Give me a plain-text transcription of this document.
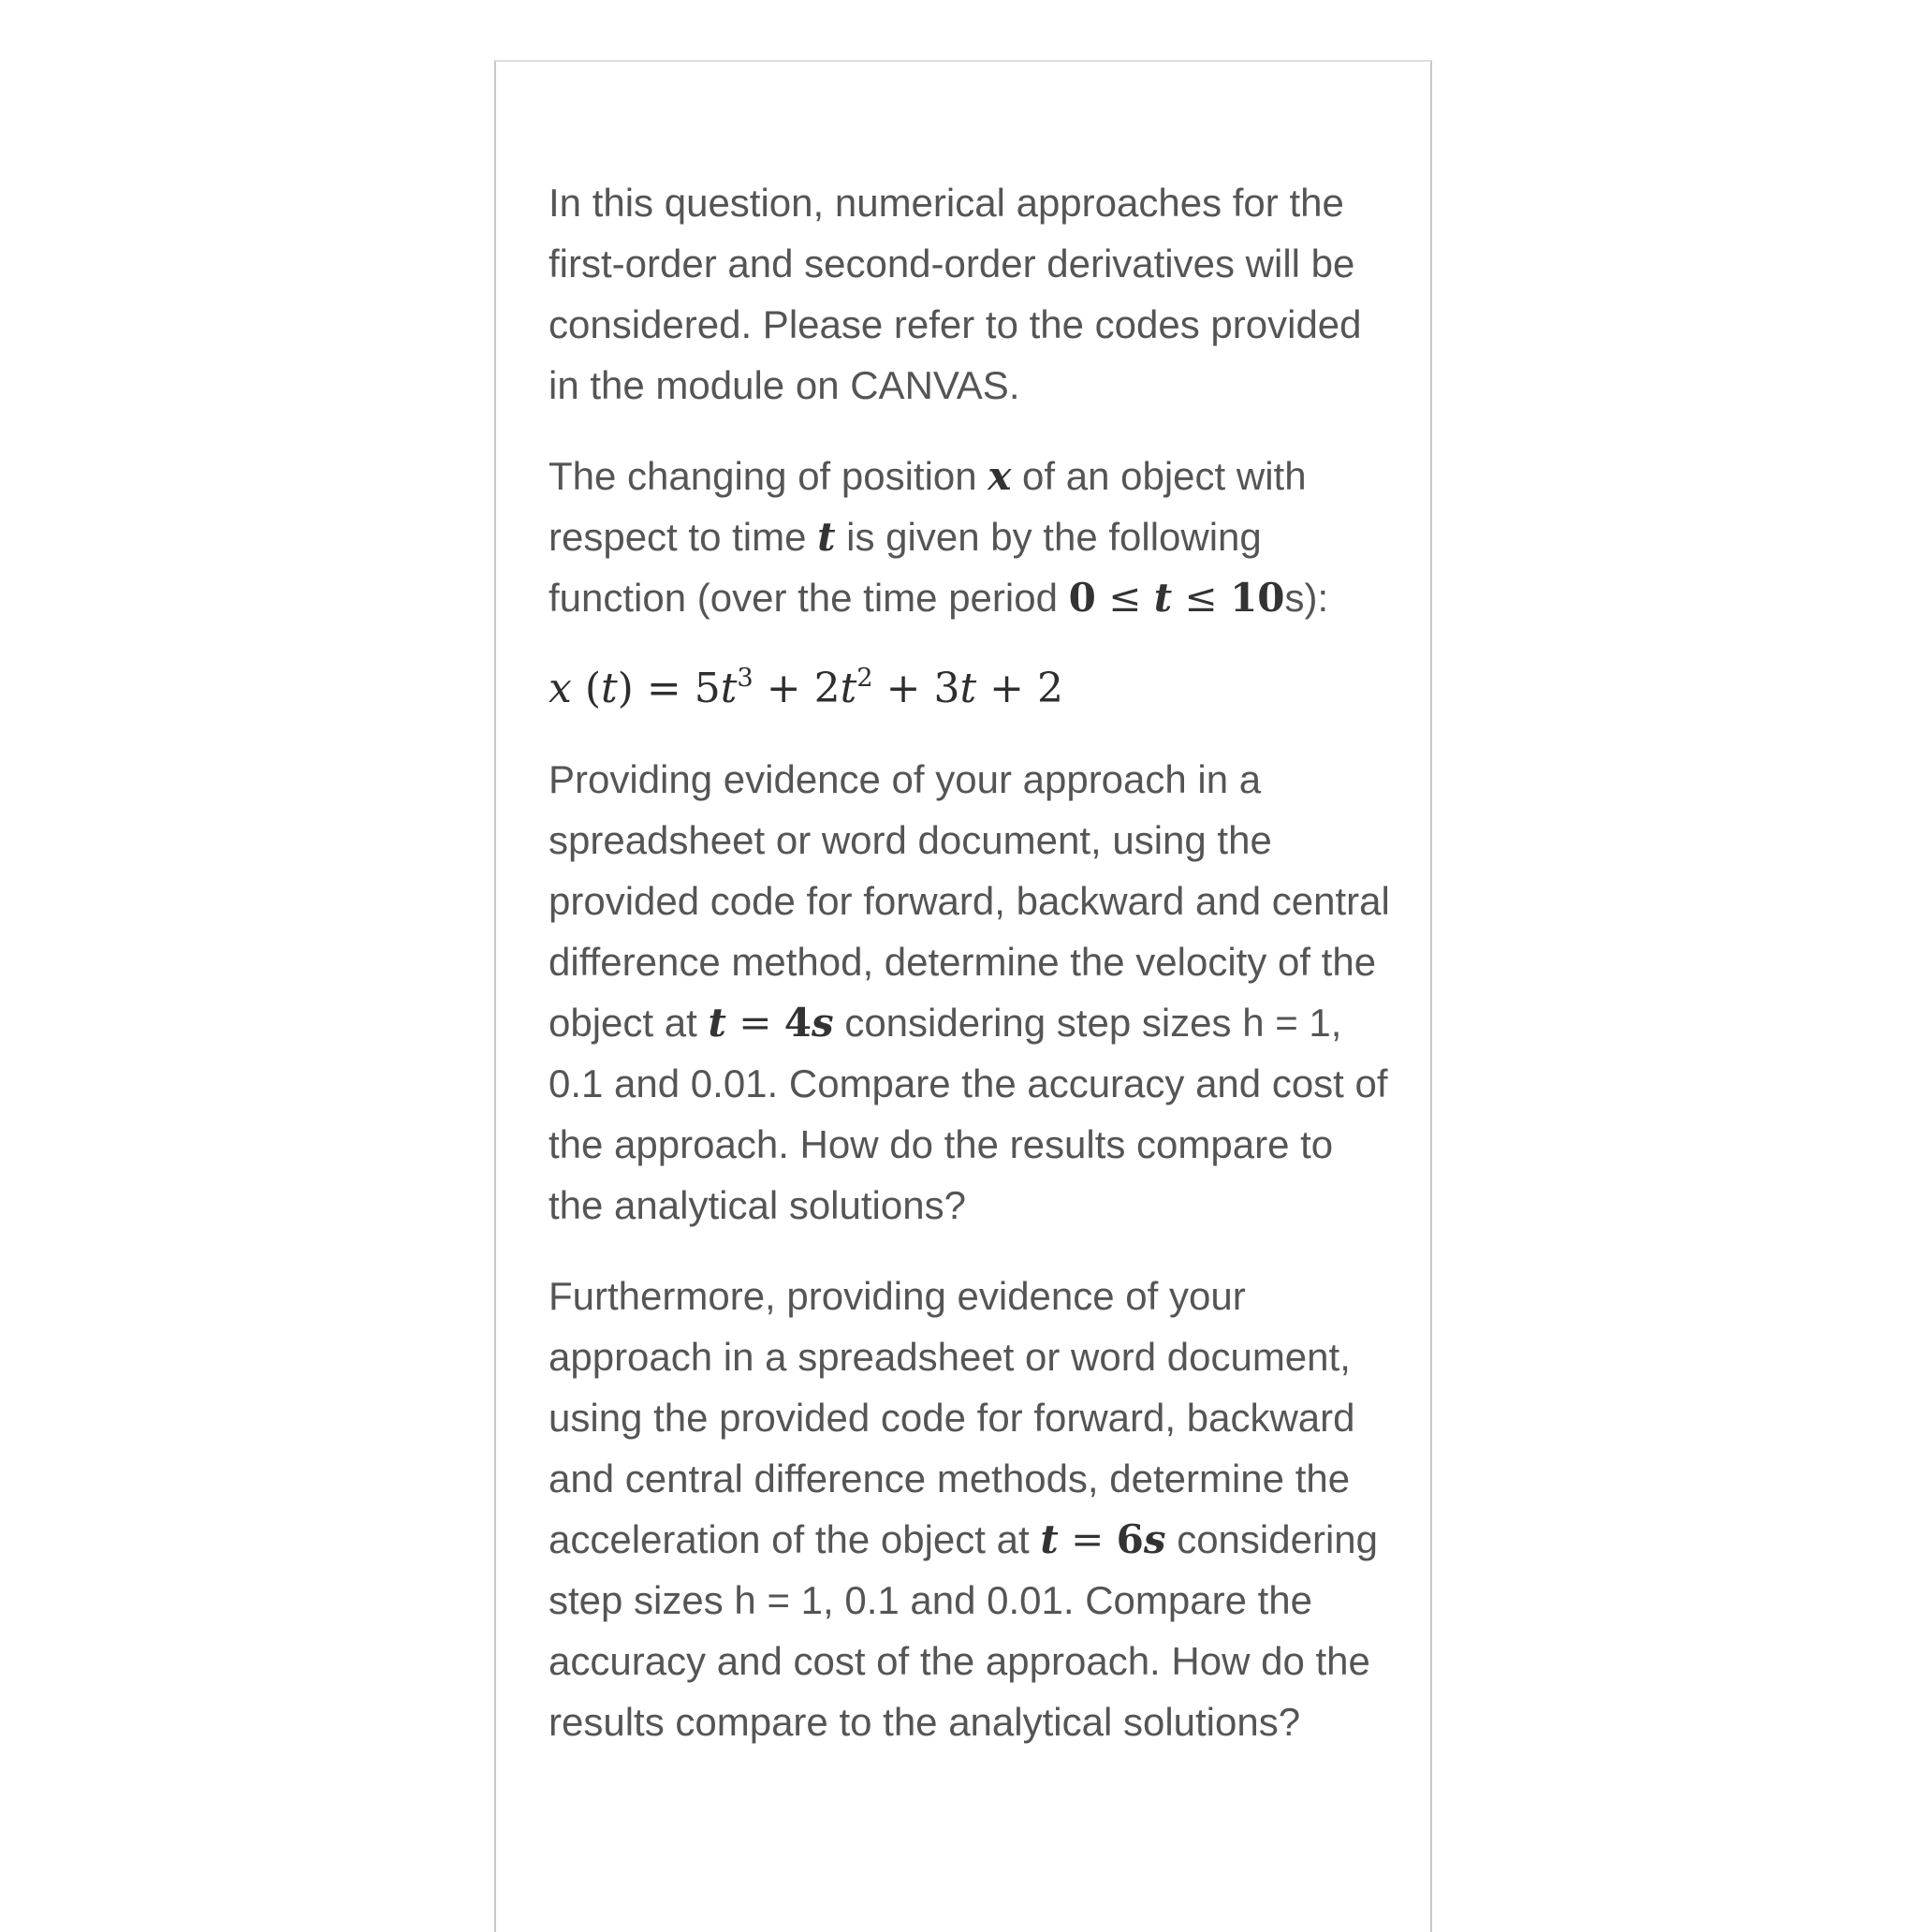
In this question, numerical approaches for the first-order and second-order derivatives will be considered. Please refer to the codes provided in the module on CANVAS.

The changing of position x of an object with respect to time t is given by the following function (over the time period 0 ≤ t ≤ 10s):

x $(t) = 5t^3 + 2t^2 + 3t + 2$

Providing evidence of your approach in a spreadsheet or word document, using the provided code for forward, backward and central difference method, determine the velocity of the object at t = 4s considering step sizes h = 1, 0.1 and 0.01. Compare the accuracy and cost of the approach. How do the results compare to the analytical solutions?

Furthermore, providing evidence of your approach in a spreadsheet or word document, using the provided code for forward, backward and central difference methods, determine the acceleration of the object at t = 6s considering step sizes h = 1, 0.1 and 0.01. Compare the accuracy and cost of the approach. How do the results compare to the analytical solutions?
